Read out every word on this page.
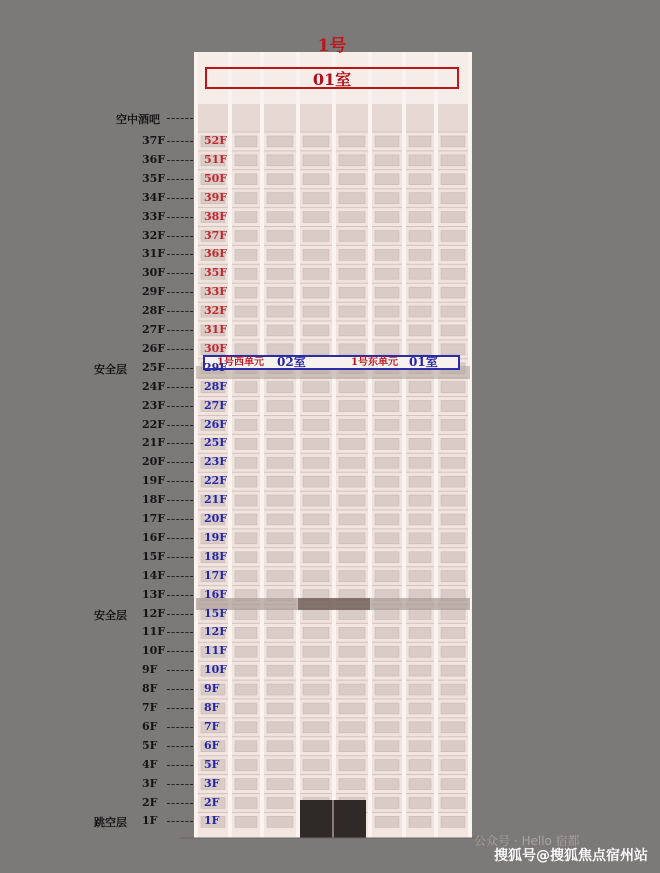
1号
01室
空中酒吧
1号西单元 02室	1号东单元 01室
37F	52F
36F	51F
35F	50F
34F	39F
33F	38F
32F	37F
31F	36F
30F	35F
29F	33F
28F	32F
27F	31F
26F	30F
25F	29F
安全层
24F	28F
23F	27F
22F	26F
21F	25F
20F	23F
19F	22F
18F	21F
17F	20F
16F	19F
15F	18F
14F	17F
13F	16F
12F	15F
安全层
11F	12F
10F	11F
9F	10F
8F	9F
7F	8F
6F	7F
5F	6F
4F	5F
3F	3F
2F	2F
1F	1F
跳空层
公众号 · Hello 宿都
搜狐号@搜狐焦点宿州站
